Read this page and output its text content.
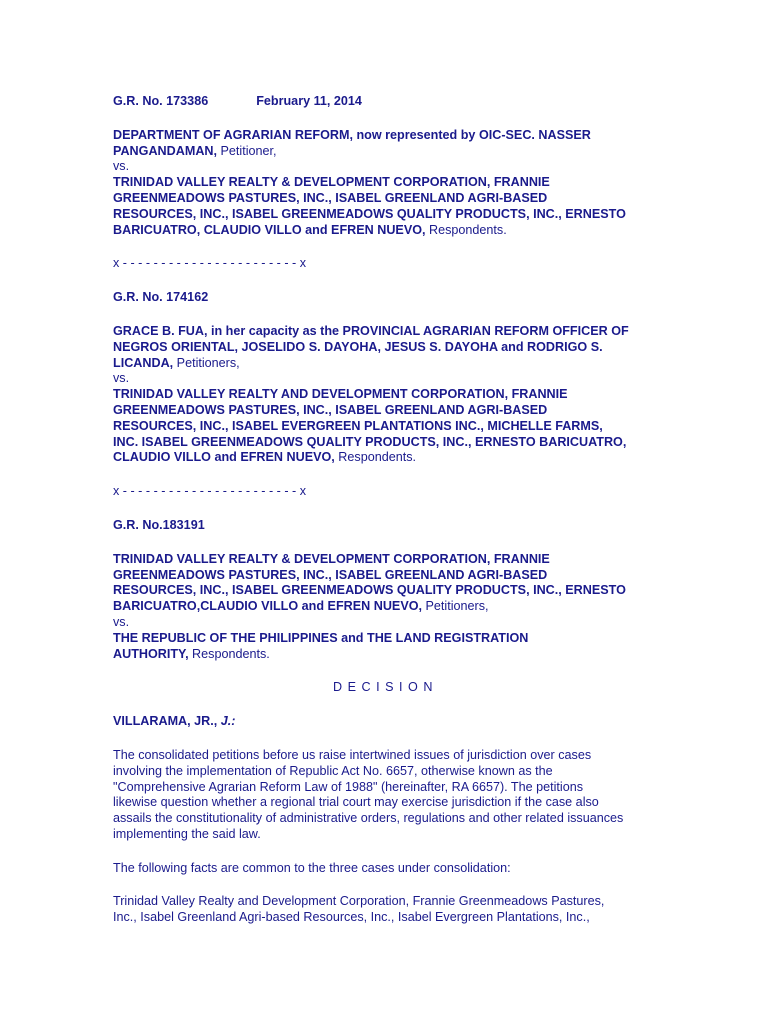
G.R. No. 173386	February 11, 2014
DEPARTMENT OF AGRARIAN REFORM, now represented by OIC-SEC. NASSER
PANGANDAMAN, Petitioner,
vs.
TRINIDAD VALLEY REALTY & DEVELOPMENT CORPORATION, FRANNIE
GREENMEADOWS PASTURES, INC., ISABEL GREENLAND AGRI-BASED
RESOURCES, INC., ISABEL GREENMEADOWS QUALITY PRODUCTS, INC., ERNESTO
BARICUATRO, CLAUDIO VILLO and EFREN NUEVO, Respondents.
x - - - - - - - - - - - - - - - - - - - - - - - x
G.R. No. 174162
GRACE B. FUA, in her capacity as the PROVINCIAL AGRARIAN REFORM OFFICER OF
NEGROS ORIENTAL, JOSELIDO S. DAYOHA, JESUS S. DAYOHA and RODRIGO S.
LICANDA, Petitioners,
vs.
TRINIDAD VALLEY REALTY AND DEVELOPMENT CORPORATION, FRANNIE
GREENMEADOWS PASTURES, INC., ISABEL GREENLAND AGRI-BASED
RESOURCES, INC., ISABEL EVERGREEN PLANTATIONS INC., MICHELLE FARMS,
INC. ISABEL GREENMEADOWS QUALITY PRODUCTS, INC., ERNESTO BARICUATRO,
CLAUDIO VILLO and EFREN NUEVO, Respondents.
x - - - - - - - - - - - - - - - - - - - - - - - x
G.R. No.183191
TRINIDAD VALLEY REALTY & DEVELOPMENT CORPORATION, FRANNIE
GREENMEADOWS PASTURES, INC., ISABEL GREENLAND AGRI-BASED
RESOURCES, INC., ISABEL GREENMEADOWS QUALITY PRODUCTS, INC., ERNESTO
BARICUATRO,CLAUDIO VILLO and EFREN NUEVO, Petitioners,
vs.
THE REPUBLIC OF THE PHILIPPINES and THE LAND REGISTRATION
AUTHORITY, Respondents.
DECISION
VILLARAMA, JR., J.:
The consolidated petitions before us raise intertwined issues of jurisdiction over cases
involving the implementation of Republic Act No. 6657, otherwise known as the
"Comprehensive Agrarian Reform Law of 1988" (hereinafter, RA 6657). The petitions
likewise question whether a regional trial court may exercise jurisdiction if the case also
assails the constitutionality of administrative orders, regulations and other related issuances
implementing the said law.
The following facts are common to the three cases under consolidation:
Trinidad Valley Realty and Development Corporation, Frannie Greenmeadows Pastures,
Inc., Isabel Greenland Agri-based Resources, Inc., Isabel Evergreen Plantations, Inc.,
